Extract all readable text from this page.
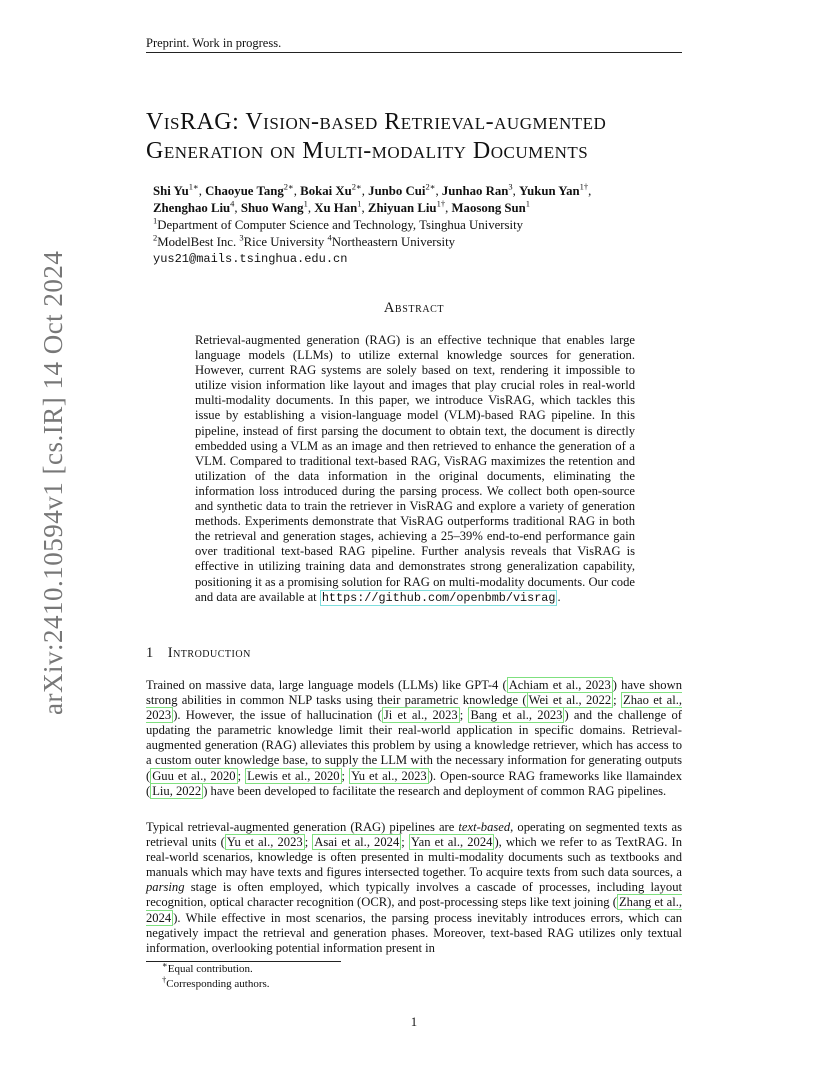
Preprint. Work in progress.
arXiv:2410.10594v1 [cs.IR] 14 Oct 2024
VisRAG: Vision-based Retrieval-augmented
Generation on Multi-modality Documents
Shi $Yu^{1∗}$, Chaoyue Tang$^{2∗}$, Bokai $Xu^{2∗}$, Junbo Cui$^{2∗}$, Junhao Ran$^3$, Yukun Yan$^{1\dagger}$,
Zhenghao Liu$^4$, Shuo Wang$^1$, Xu Han$^1$, Zhiyuan Liu$^{1\dagger}$, Maosong Sun$^1$
$^1$Department of Computer Science and Technology, Tsinghua University
$^2$ModelBest Inc. $^3$Rice University $^4$Northeastern University
yus21@mails.tsinghua.edu.cn
Abstract
Retrieval-augmented generation (RAG) is an effective technique that enables large language models (LLMs) to utilize external knowledge sources for generation. However, current RAG systems are solely based on text, rendering it impossible to utilize vision information like layout and images that play crucial roles in real-world multi-modality documents. In this paper, we introduce VisRAG, which tackles this issue by establishing a vision-language model (VLM)-based RAG pipeline. In this pipeline, instead of first parsing the document to obtain text, the document is directly embedded using a VLM as an image and then retrieved to enhance the generation of a VLM. Compared to traditional text-based RAG, VisRAG maximizes the retention and utilization of the data information in the original documents, eliminating the information loss introduced during the parsing process. We collect both open-source and synthetic data to train the retriever in VisRAG and explore a variety of generation methods. Experiments demonstrate that VisRAG outperforms traditional RAG in both the retrieval and generation stages, achieving a 25–39% end-to-end performance gain over traditional text-based RAG pipeline. Further analysis reveals that VisRAG is effective in utilizing training data and demonstrates strong generalization capability, positioning it as a promising solution for RAG on multi-modality documents. Our code and data are available at https://github.com/openbmb/visrag .
1 Introduction
Trained on massive data, large language models (LLMs) like GPT-4 ( Achiam et al., 2023 ) have shown strong abilities in common NLP tasks using their parametric knowledge ( Wei et al., 2022 ; Zhao et al., 2023 ). However, the issue of hallucination ( Ji et al., 2023 ; Bang et al., 2023 ) and the challenge of updating the parametric knowledge limit their real-world application in specific domains. Retrieval-augmented generation (RAG) alleviates this problem by using a knowledge retriever, which has access to a custom outer knowledge base, to supply the LLM with the necessary information for generating outputs ( Guu et al., 2020 ; Lewis et al., 2020 ; Yu et al., 2023 ). Open-source RAG frameworks like llamaindex ( Liu, 2022 ) have been developed to facilitate the research and deployment of common RAG pipelines.
Typical retrieval-augmented generation (RAG) pipelines are text-based, operating on segmented texts as retrieval units ( Yu et al., 2023 ; Asai et al., 2024 ; Yan et al., 2024 ), which we refer to as TextRAG. In real-world scenarios, knowledge is often presented in multi-modality documents such as textbooks and manuals which may have texts and figures intersected together. To acquire texts from such data sources, a parsing stage is often employed, which typically involves a cascade of processes, including layout recognition, optical character recognition (OCR), and post-processing steps like text joining ( Zhang et al., 2024 ). While effective in most scenarios, the parsing process inevitably introduces errors, which can negatively impact the retrieval and generation phases. Moreover, text-based RAG utilizes only textual information, overlooking potential information present in
∗Equal contribution.
†Corresponding authors.
1
